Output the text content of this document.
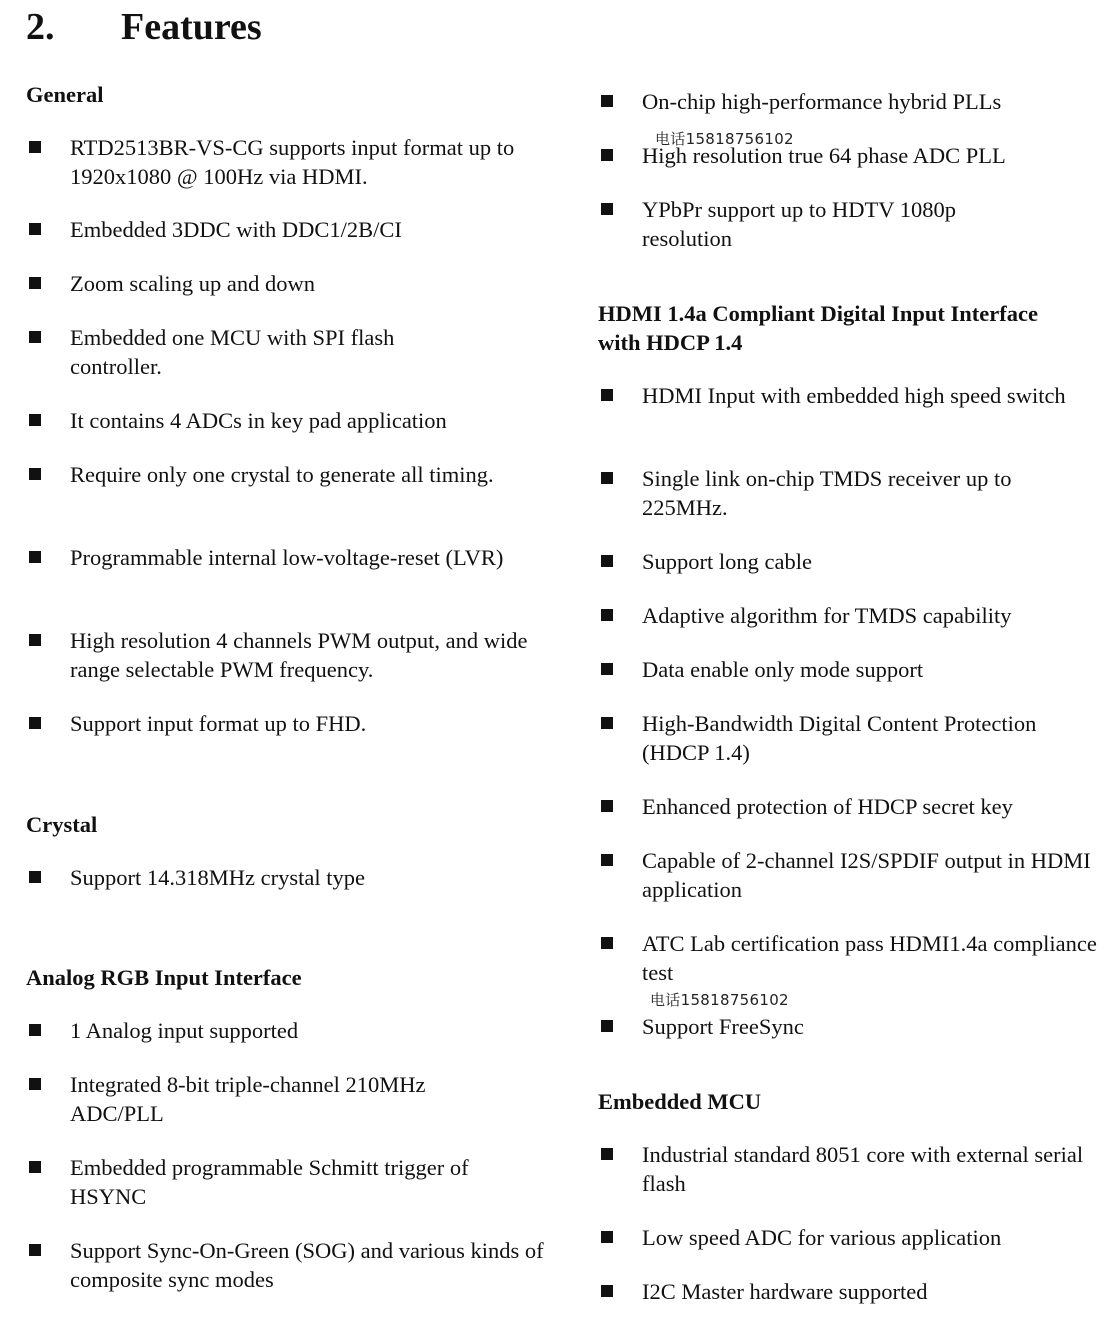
2. Features
General
RTD2513BR-VS-CG supports input format up to 1920x1080 @ 100Hz via HDMI.
Embedded 3DDC with DDC1/2B/CI
Zoom scaling up and down
Embedded one MCU with SPI flash controller.
It contains 4 ADCs in key pad application
Require only one crystal to generate all timing.
Programmable internal low-voltage-reset (LVR)
High resolution 4 channels PWM output, and wide range selectable PWM frequency.
Support input format up to FHD.
Crystal
Support 14.318MHz crystal type
Analog RGB Input Interface
1 Analog input supported
Integrated 8-bit triple-channel 210MHz ADC/PLL
Embedded programmable Schmitt trigger of HSYNC
Support Sync-On-Green (SOG) and various kinds of composite sync modes
On-chip high-performance hybrid PLLs
High resolution true 64 phase ADC PLL
YPbPr support up to HDTV 1080p resolution
HDMI 1.4a Compliant Digital Input Interface
with HDCP 1.4
HDMI Input with embedded high speed switch
Single link on-chip TMDS receiver up to 225MHz.
Support long cable
Adaptive algorithm for TMDS capability
Data enable only mode support
High-Bandwidth Digital Content Protection (HDCP 1.4)
Enhanced protection of HDCP secret key
Capable of 2-channel I2S/SPDIF output in HDMI application
ATC Lab certification pass HDMI1.4a compliance test
Support FreeSync
Embedded MCU
Industrial standard 8051 core with external serial flash
Low speed ADC for various application
I2C Master hardware supported
电话15818756102
电话15818756102
